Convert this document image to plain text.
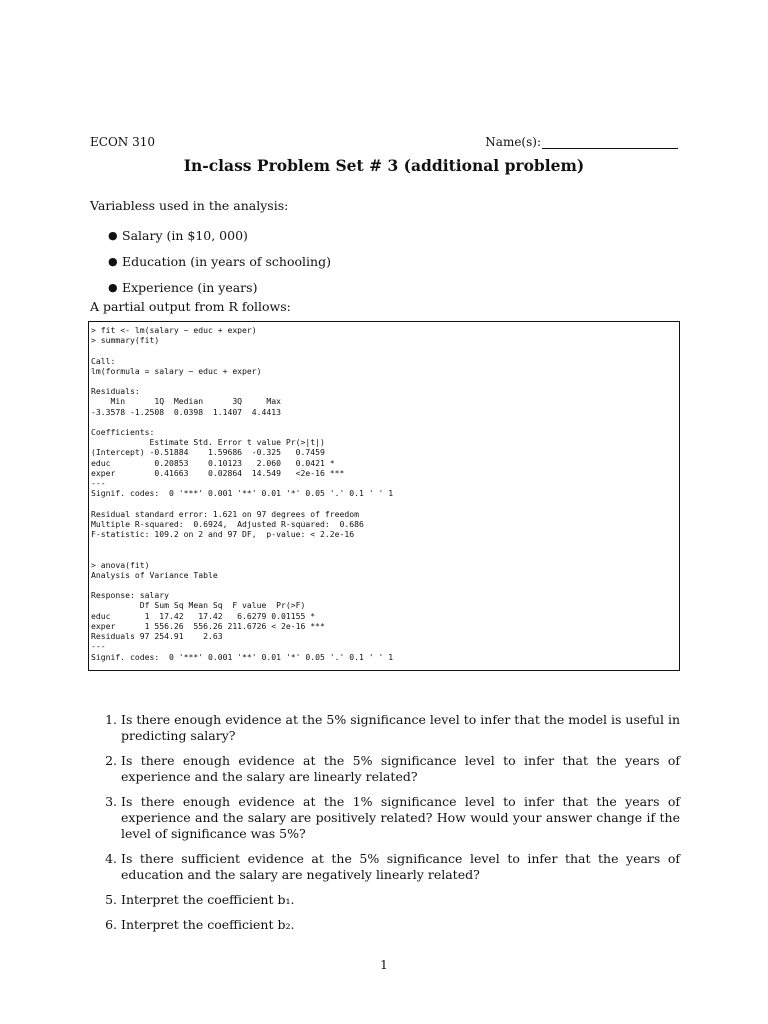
ECON 310	Name(s):
In-class Problem Set # 3 (additional problem)
Variabless used in the analysis:
● Salary (in $10, 000)
● Education (in years of schooling)
● Experience (in years)
A partial output from R follows:
> fit <- lm(salary ~ educ + exper)
> summary(fit)

Call:
lm(formula = salary ~ educ + exper)

Residuals:
Min      1Q  Median      3Q     Max
-3.3578 -1.2508  0.0398  1.1407  4.4413

Coefficients:
Estimate Std. Error t value Pr(>|t|)
(Intercept) -0.51884    1.59686  -0.325   0.7459
educ         0.20853    0.10123   2.060   0.0421 *
exper        0.41663    0.02864  14.549   <2e-16 ***
---
Signif. codes:  0 '***' 0.001 '**' 0.01 '*' 0.05 '.' 0.1 ' ' 1

Residual standard error: 1.621 on 97 degrees of freedom
Multiple R-squared:  0.6924,  Adjusted R-squared:  0.686
F-statistic: 109.2 on 2 and 97 DF,  p-value: < 2.2e-16

> anova(fit)
Analysis of Variance Table

Response: salary
Df Sum Sq Mean Sq  F value  Pr(>F)
educ       1  17.42   17.42   6.6279 0.01155 *
exper      1 556.26  556.26 211.6726 < 2e-16 ***
Residuals 97 254.91    2.63
---
Signif. codes:  0 '***' 0.001 '**' 0.01 '*' 0.05 '.' 0.1 ' ' 1
1. Is there enough evidence at the 5% significance level to infer that the model is useful in predicting salary?
2. Is there enough evidence at the 5% significance level to infer that the years of experience and the salary are linearly related?
3. Is there enough evidence at the 1% significance level to infer that the years of experience and the salary are positively related? How would your answer change if the level of significance was 5%?
4. Is there sufficient evidence at the 5% significance level to infer that the years of education and the salary are negatively linearly related?
5. Interpret the coefficient b₁.
6. Interpret the coefficient b₂.
1
